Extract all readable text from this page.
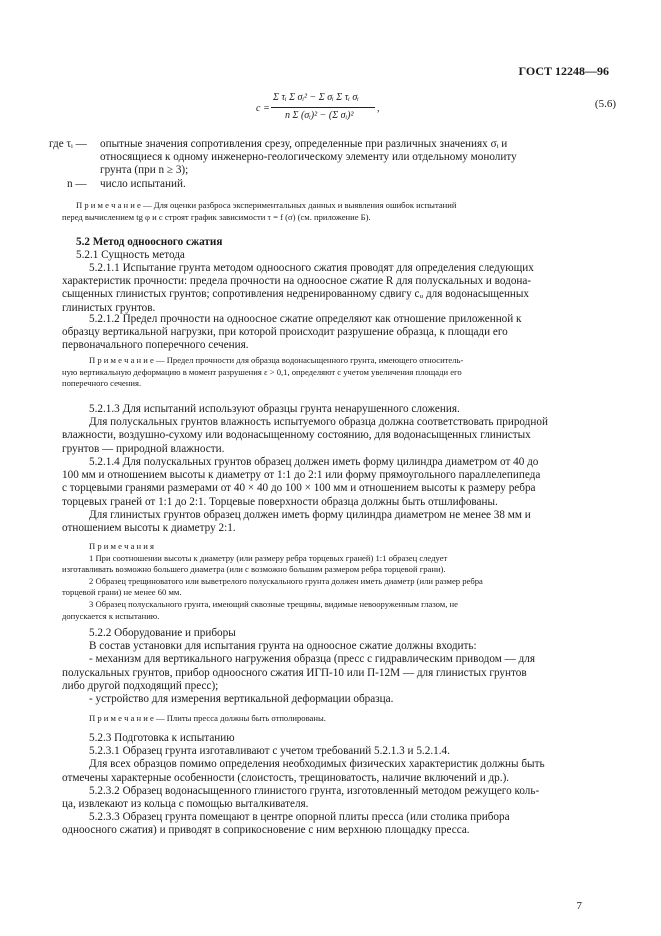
ГОСТ 12248—96
c =
Σ τᵢ Σ σᵢ² − Σ σᵢ Σ τᵢ σᵢ
n Σ (σᵢ)² − (Σ σᵢ)²
,	(5.6)
где τᵢ — опытные значения сопротивления срезу, определенные при различных значениях σᵢ и
относящиеся к одному инженерно-геологическому элементу или отдельному монолиту
грунта (при n ≥ 3);
n — число испытаний.
П р и м е ч а н и е — Для оценки разброса экспериментальных данных и выявления ошибок испытаний
перед вычислением tg φ и c строят график зависимости τ = f (σ) (см. приложение Б).
5.2 Метод одноосного сжатия
5.2.1 Сущность метода
5.2.1.1 Испытание грунта методом одноосного сжатия проводят для определения следующих
характеристик прочности: предела прочности на одноосное сжатие R для полускальных и водона-
сыщенных глинистых грунтов; сопротивления недренированному сдвигу cᵤ для водонасыщенных
глинистых грунтов.
5.2.1.2 Предел прочности на одноосное сжатие определяют как отношение приложенной к
образцу вертикальной нагрузки, при которой происходит разрушение образца, к площади его
первоначального поперечного сечения.
П р и м е ч а н и е — Предел прочности для образца водонасыщенного грунта, имеющего относитель-
ную вертикальную деформацию в момент разрушения ε > 0,1, определяют с учетом увеличения площади его
поперечного сечения.
5.2.1.3 Для испытаний используют образцы грунта ненарушенного сложения.
Для полускальных грунтов влажность испытуемого образца должна соответствовать природной
влажности, воздушно-сухому или водонасыщенному состоянию, для водонасыщенных глинистых
грунтов — природной влажности.
5.2.1.4 Для полускальных грунтов образец должен иметь форму цилиндра диаметром от 40 до
100 мм и отношением высоты к диаметру от 1:1 до 2:1 или форму прямоугольного параллелепипеда
с торцевыми гранями размерами от 40 × 40 до 100 × 100 мм и отношением высоты к размеру ребра
торцевых граней от 1:1 до 2:1. Торцевые поверхности образца должны быть отшлифованы.
Для глинистых грунтов образец должен иметь форму цилиндра диаметром не менее 38 мм и
отношением высоты к диаметру 2:1.
П р и м е ч а н и я
1 При соотношении высоты к диаметру (или размеру ребра торцевых граней) 1:1 образец следует
изготавливать возможно большего диаметра (или с возможно большим размером ребра торцевой грани).
2 Образец трещиноватого или выветрелого полускального грунта должен иметь диаметр (или размер ребра
торцевой грани) не менее 60 мм.
3 Образец полускального грунта, имеющий сквозные трещины, видимые невооруженным глазом, не
допускается к испытанию.
5.2.2 Оборудование и приборы
В состав установки для испытания грунта на одноосное сжатие должны входить:
- механизм для вертикального нагружения образца (пресс с гидравлическим приводом — для
полускальных грунтов, прибор одноосного сжатия ИГП-10 или П-12М — для глинистых грунтов
либо другой подходящий пресс);
- устройство для измерения вертикальной деформации образца.
П р и м е ч а н и е — Плиты пресса должны быть отполированы.
5.2.3 Подготовка к испытанию
5.2.3.1 Образец грунта изготавливают с учетом требований 5.2.1.3 и 5.2.1.4.
Для всех образцов помимо определения необходимых физических характеристик должны быть
отмечены характерные особенности (слоистость, трещиноватость, наличие включений и др.).
5.2.3.2 Образец водонасыщенного глинистого грунта, изготовленный методом режущего коль-
ца, извлекают из кольца с помощью выталкивателя.
5.2.3.3 Образец грунта помещают в центре опорной плиты пресса (или столика прибора
одноосного сжатия) и приводят в соприкосновение с ним верхнюю площадку пресса.
7
